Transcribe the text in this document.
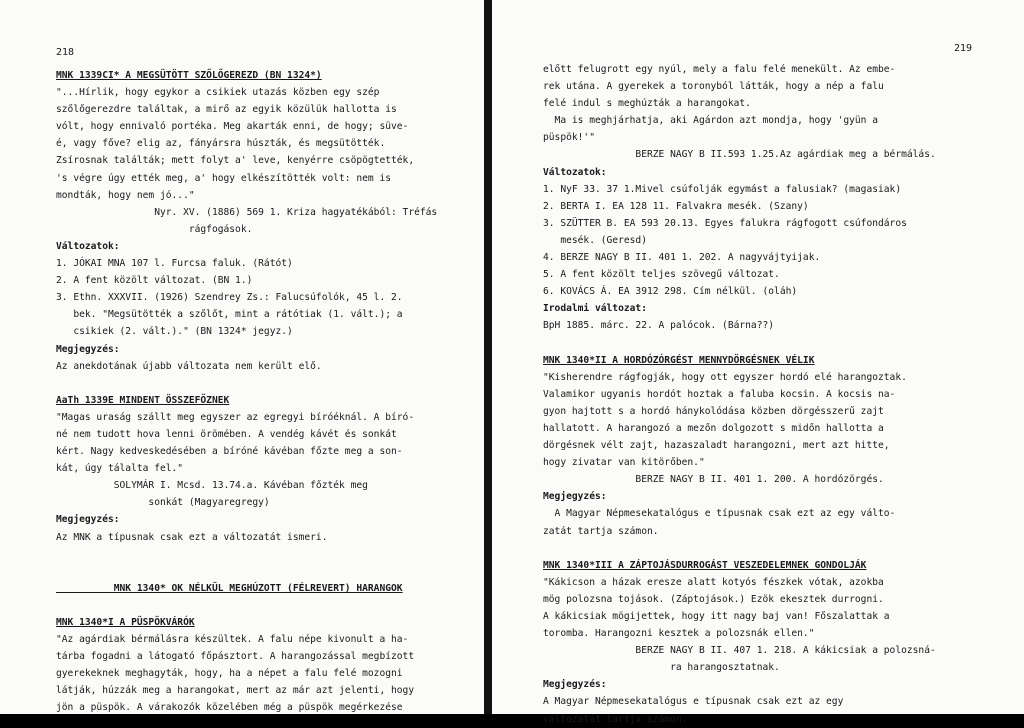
218
MNK 1339CI* A MEGSÜTÖTT SZŐLŐGEREZD (BN 1324*)
"...Hírlik, hogy egykor a csikiek utazás közben egy szép
szőlőgerezdre találtak, a mirő az egyik közülük hallotta is
vólt, hogy ennivaló portéka. Meg akarták enni, de hogy; süve-
é, vagy főve? elig az, fányársra húszták, és megsütötték.
Zsírosnak találták; mett folyt a' leve, kenyérre csöpögtették,
's végre úgy ették meg, a' hogy elkészítötték volt: nem is
mondták, hogy nem jó..."
Nyr. XV. (1886) 569 1. Kriza hagyatékából: Tréfás
rágfogások.
Változatok:
1. JÓKAI MNA 107 l. Furcsa faluk. (Rátót)
2. A fent közölt változat. (BN 1.)
3. Ethn. XXXVII. (1926) Szendrey Zs.: Falucsúfolók, 45 l. 2.
bek. "Megsütötték a szőlőt, mint a rátótiak (1. vált.); a
csikiek (2. vált.)." (BN 1324* jegyz.)
Megjegyzés:
Az anekdotának újabb változata nem került elő.
AaTh 1339E MINDENT ÖSSZEFŐZNEK
"Magas uraság szállt meg egyszer az egregyi bíróéknál. A bíró-
né nem tudott hova lenni örömében. A vendég kávét és sonkát
kért. Nagy kedveskedésében a bíróné kávéban főzte meg a son-
kát, úgy tálalta fel."
SOLYMÁR I. Mcsd. 13.74.a. Kávéban főzték meg
sonkát (Magyaregregy)
Megjegyzés:
Az MNK a típusnak csak ezt a változatát ismeri.
MNK 1340* OK NÉLKÜL MEGHÚZOTT (FÉLREVERT) HARANGOK
MNK 1340*I A PÜSPÖKVÁRÓK
"Az agárdiak bérmálásra készültek. A falu népe kivonult a ha-
tárba fogadni a látogató főpásztort. A harangozással megbízott
gyerekeknek meghagyták, hogy, ha a népet a falu felé mozogni
látják, húzzák meg a harangokat, mert az már azt jelenti, hogy
jön a püspök. A várakozók közelében még a püspök megérkezése
219
előtt felugrott egy nyúl, mely a falu felé menekült. Az embe-
rek utána. A gyerekek a toronyból látták, hogy a nép a falu
felé indul s meghúzták a harangokat.
Ma is meghjárhatja, aki Agárdon azt mondja, hogy 'gyün a
püspök!'"
BERZE NAGY B II.593 1.25.Az agárdiak meg a bérmálás.
Változatok:
1. NyF 33. 37 1.Mivel csúfolják egymást a falusiak? (magasiak)
2. BERTA I. EA 128 11. Falvakra mesék. (Szany)
3. SZÜTTER B. EA 593 20.13. Egyes falukra rágfogott csúfondáros
mesék. (Geresd)
4. BERZE NAGY B II. 401 1. 202. A nagyvájtyijak.
5. A fent közölt teljes szövegű változat.
6. KOVÁCS Á. EA 3912 298. Cím nélkül. (oláh)
Irodalmi változat:
BpH 1885. márc. 22. A palócok. (Bárna??)
MNK 1340*II A HORDÓZÓRGÉST MENNYDÖRGÉSNEK VÉLIK
"Kisherendre rágfogják, hogy ott egyszer hordó elé harangoztak.
Valamikor ugyanis hordót hoztak a faluba kocsin. A kocsis na-
gyon hajtott s a hordó hánykolódása közben dörgésszerű zajt
hallatott. A harangozó a mezőn dolgozott s midőn hallotta a
dörgésnek vélt zajt, hazaszaladt harangozni, mert azt hitte,
hogy zivatar van kitörőben."
BERZE NAGY B II. 401 1. 200. A hordózörgés.
Megjegyzés:
A Magyar Népmesekatalógus e típusnak csak ezt az egy válto-
zatát tartja számon.
MNK 1340*III A ZÁPTOJÁSDURROGÁST VESZEDELEMNEK GONDOLJÁK
"Kákicson a házak eresze alatt kotyós fészkek vótak, azokba
mög polozsna tojások. (Záptojások.) Ezök ekesztek durrogni.
A kákicsiak mögijettek, hogy itt nagy baj van! Főszalattak a
toromba. Harangozni kesztek a polozsnák ellen."
BERZE NAGY B II. 407 1. 218. A kákicsiak a polozsná-
ra harangosztatnak.
Megjegyzés:
A Magyar Népmesekatalógus e típusnak csak ezt az egy
változatát tartja számon.
